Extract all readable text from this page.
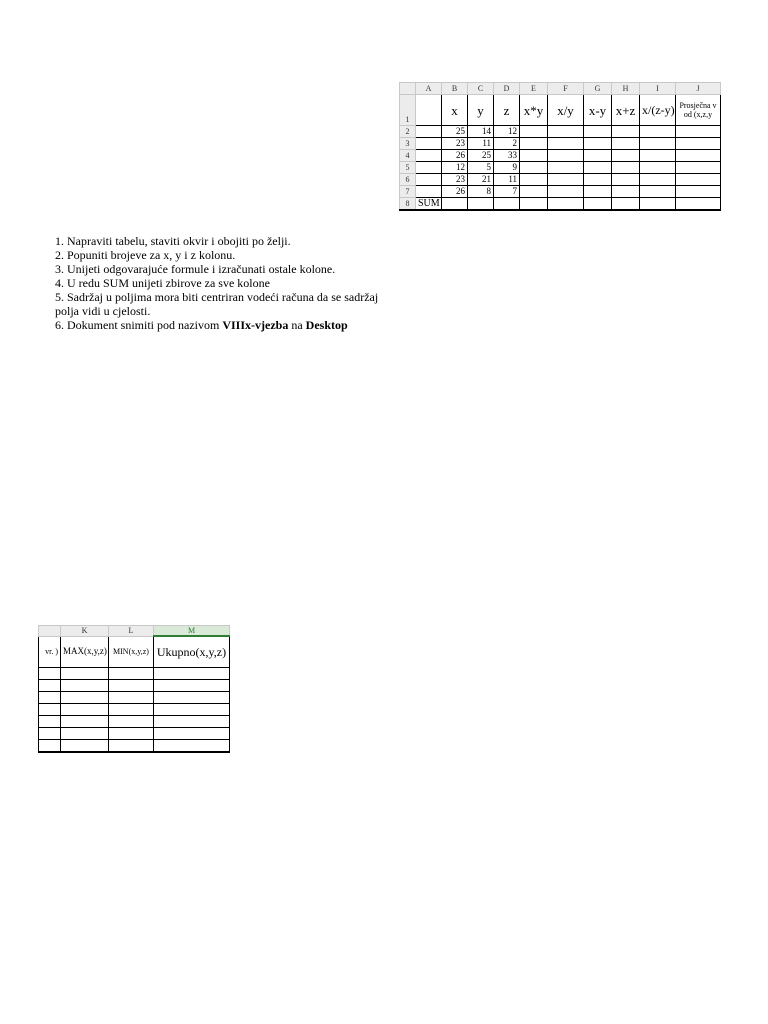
	A	B	C	D	E	F	G	H	I	J
1		x	y	z	x*y	x/y	x-y	x+z	x/(z-y)	Prosječna v od (x,z,y
2		25	14	12						
3		23	11	2						
4		26	25	33						
5		12	5	9						
6		23	21	11						
7		26	8	7						
8	SUM									

1. Napraviti tabelu, staviti okvir i obojiti po želji.

2. Popuniti brojeve za x, y i z kolonu.

3. Unijeti odgovarajuće formule i izračunati ostale kolone.

4. U redu SUM unijeti zbirove za sve kolone

5. Sadržaj u poljima mora biti centriran vodeći računa da se sadržaj

polja vidi u cjelosti.

6. Dokument snimiti pod nazivom VIIIx-vjezba na Desktop

	K	L	M
vr. )	MAX(x,y,z)	MIN(x,y,z)	Ukupno(x,y,z)
